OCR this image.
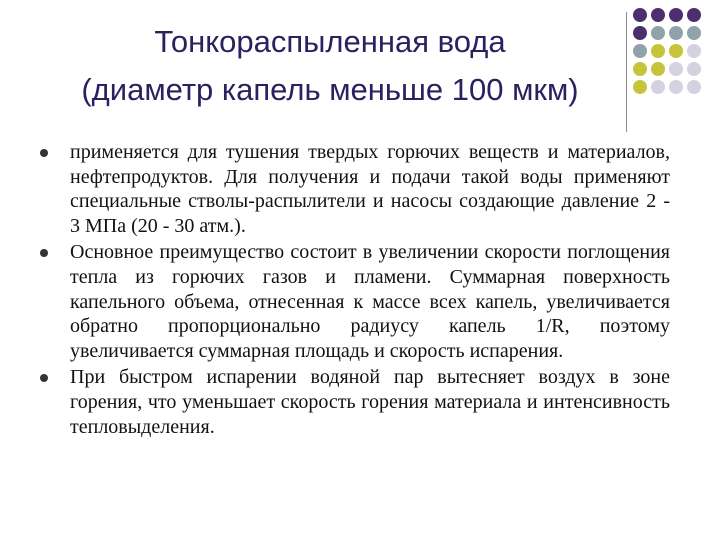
Тонкораспыленная вода
(диаметр капель меньше 100 мкм)
применяется для тушения твердых горючих веществ и материалов, нефтепродуктов. Для получения и подачи такой воды применяют специальные стволы-распылители и насосы создающие давление 2 - 3 МПа (20 - 30 атм.).
Основное преимущество состоит в увеличении скорости поглощения тепла из горючих газов и пламени. Суммарная поверхность капельного объема, отнесенная к массе всех капель, увеличивается обратно пропорционально радиусу капель 1/R, поэтому увеличивается суммарная площадь и скорость испарения.
При быстром испарении водяной пар вытесняет воздух в зоне горения, что уменьшает скорость горения материала и интенсивность тепловыделения.
